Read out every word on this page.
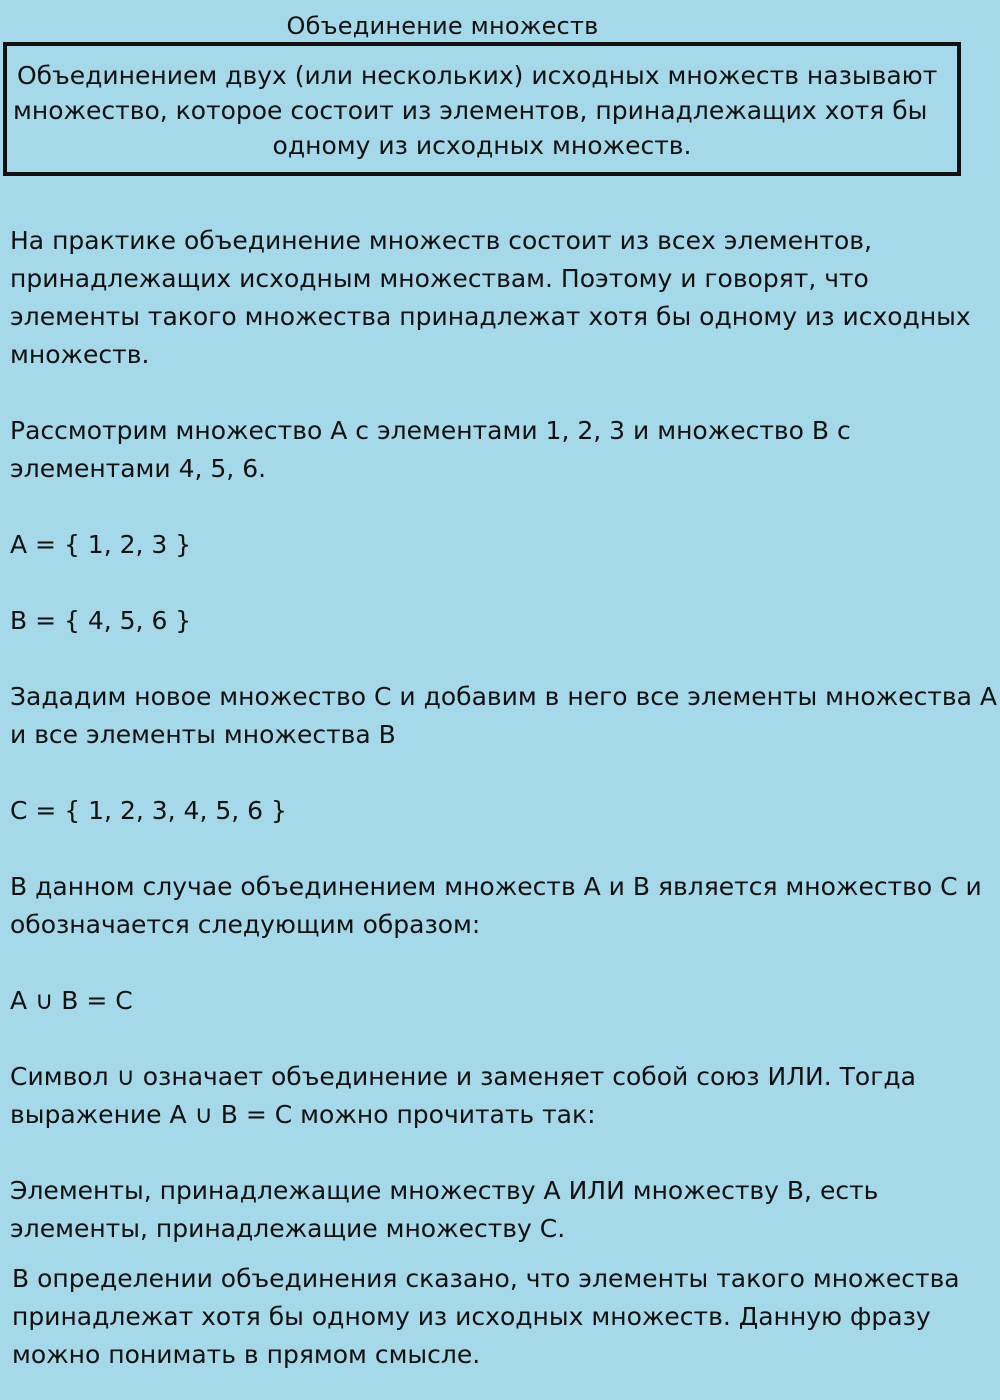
Объединение множеств
Объединением двух (или нескольких) исходных множеств называют
множество, которое состоит из элементов, принадлежащих хотя бы
одному из исходных множеств.
На практике объединение множеств состоит из всех элементов,
принадлежащих исходным множествам. Поэтому и говорят, что
элементы такого множества принадлежат хотя бы одному из исходных
множеств.
Рассмотрим множество A с элементами 1, 2, 3 и множество B с
элементами 4, 5, 6.
A = { 1, 2, 3 }
B = { 4, 5, 6 }
Зададим новое множество C и добавим в него все элементы множества A
и все элементы множества B
C = { 1, 2, 3, 4, 5, 6 }
В данном случае объединением множеств A и B является множество C и
обозначается следующим образом:
A ∪ B = C
Символ ∪ означает объединение и заменяет собой союз ИЛИ. Тогда
выражение A ∪ B = C можно прочитать так:
Элементы, принадлежащие множеству A ИЛИ множеству B, есть
элементы, принадлежащие множеству C.
В определении объединения сказано, что элементы такого множества
принадлежат хотя бы одному из исходных множеств. Данную фразу
можно понимать в прямом смысле.
